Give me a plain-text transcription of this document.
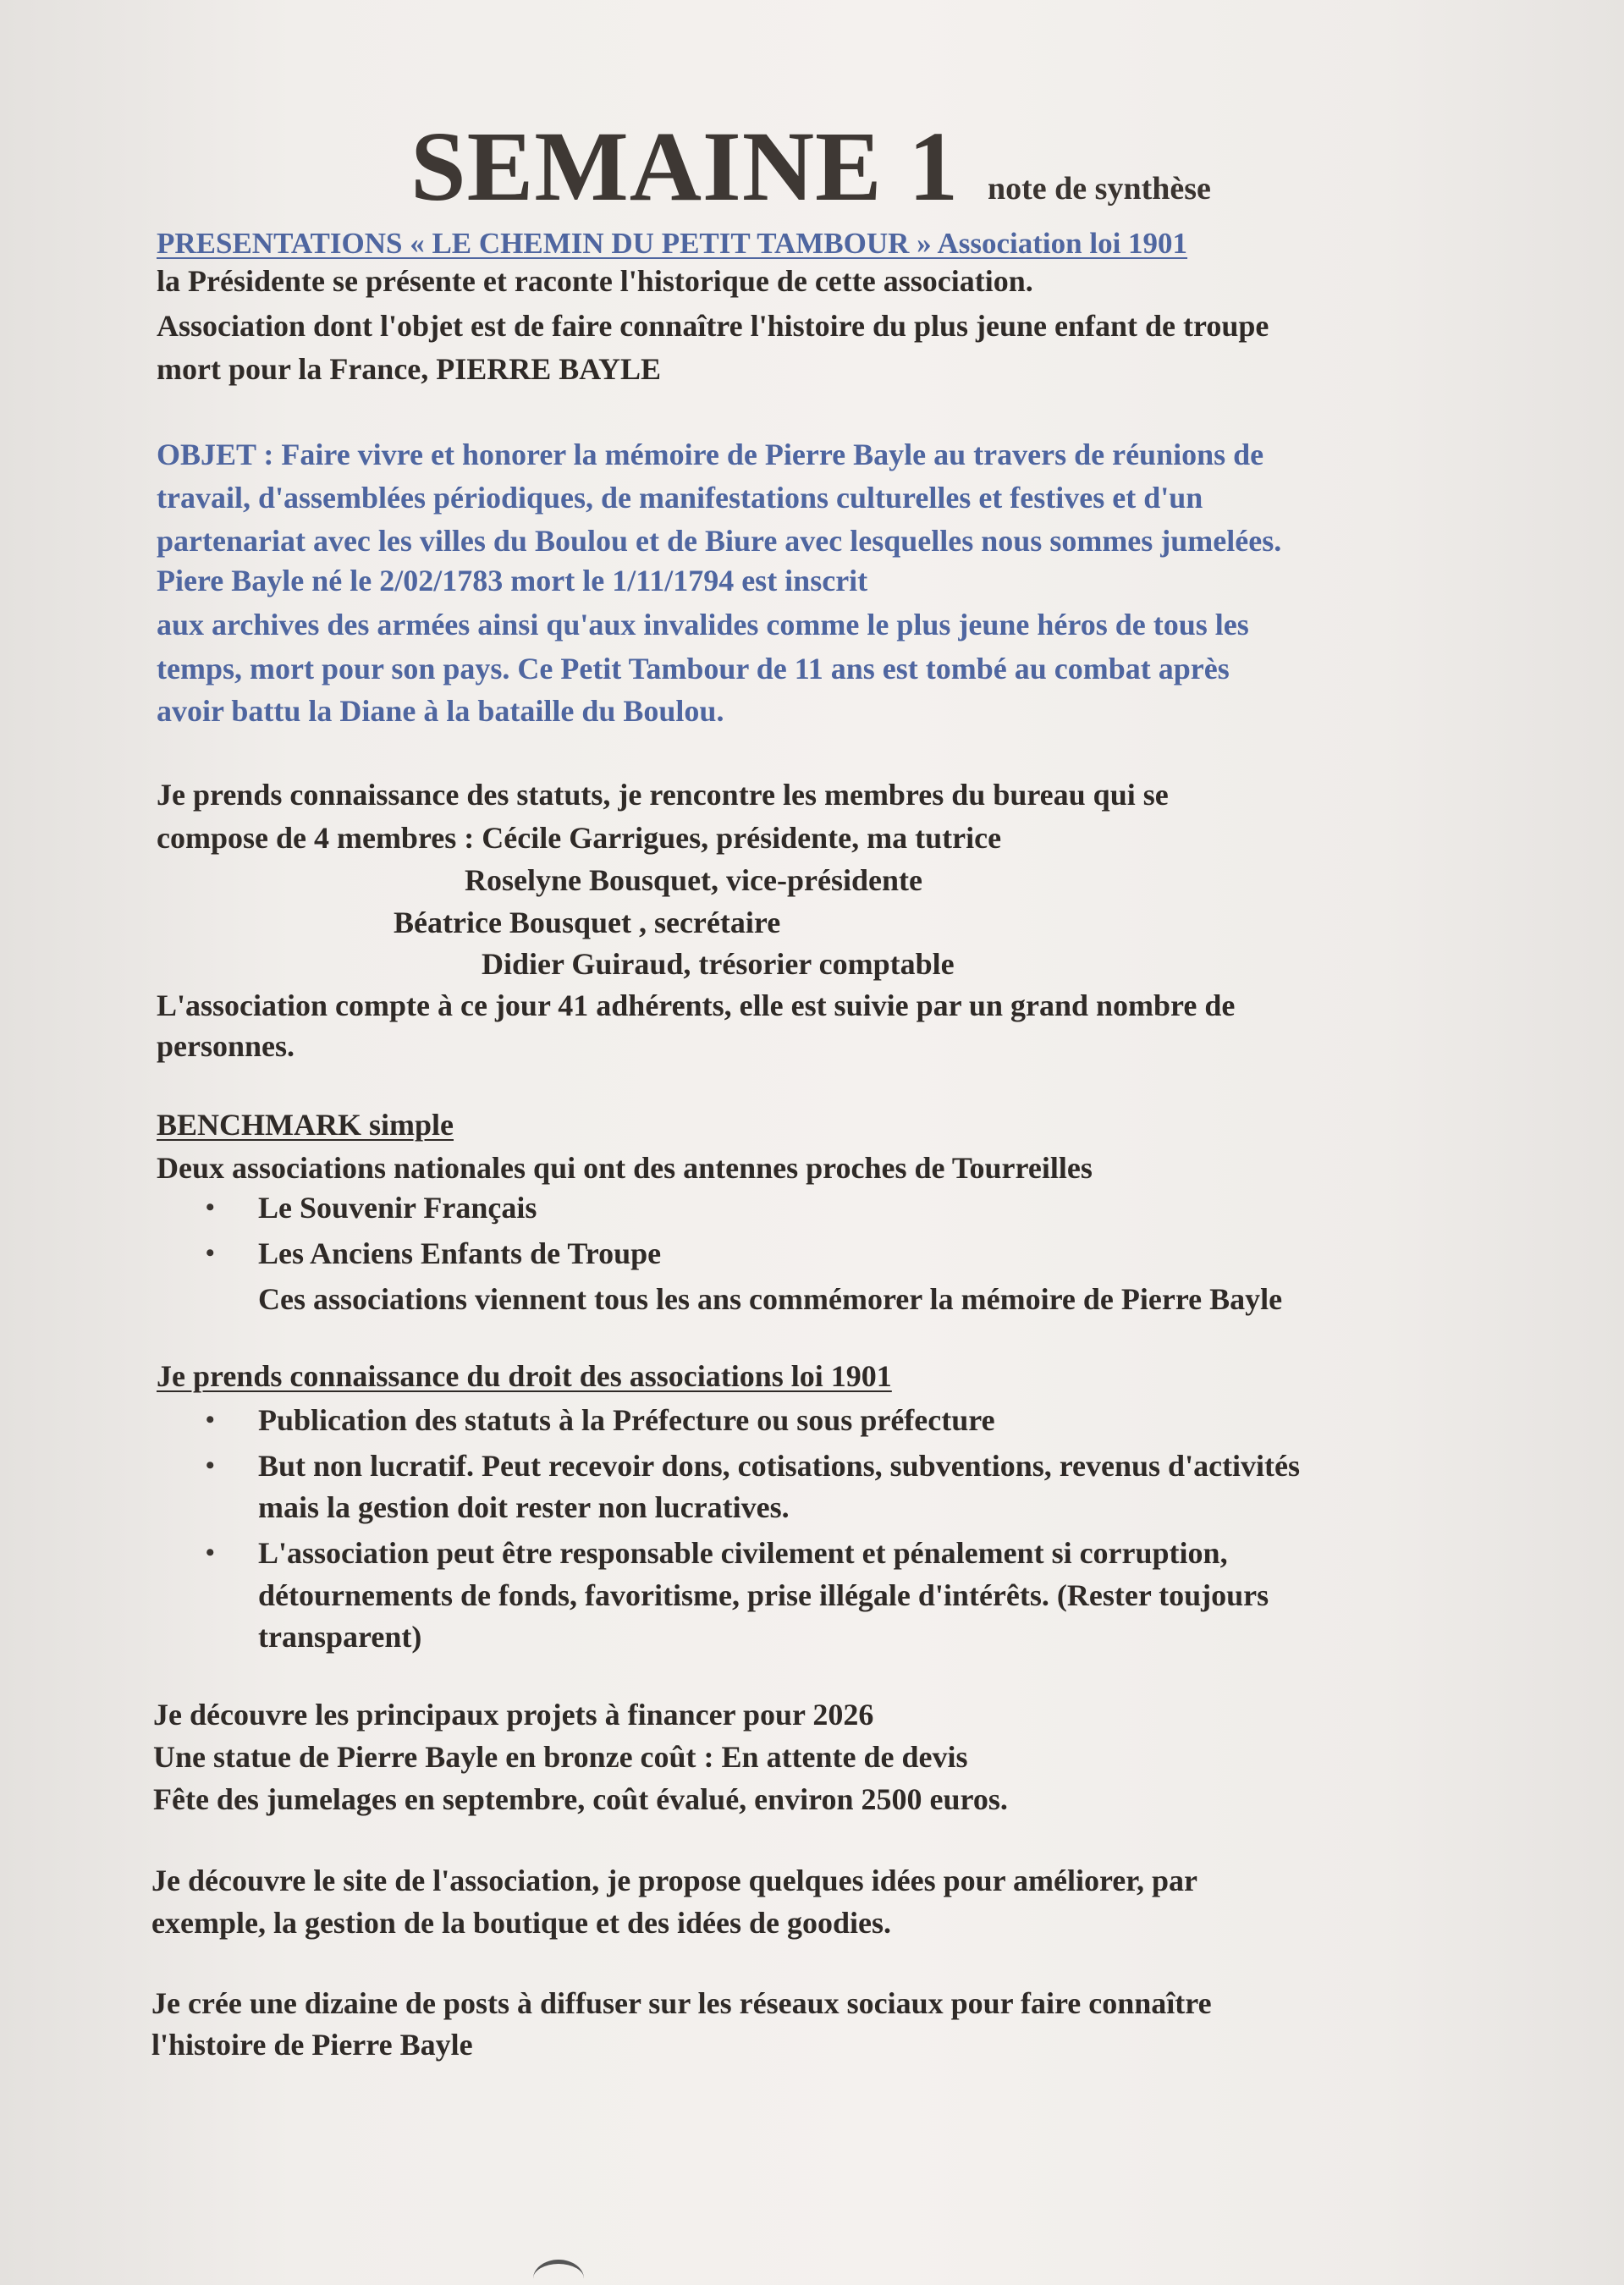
SEMAINE 1 note de synthèse
PRESENTATIONS « LE CHEMIN DU PETIT TAMBOUR » Association loi 1901
la Présidente se présente et raconte l'historique de cette association.
Association dont l'objet est de faire connaître l'histoire du plus jeune enfant de troupe
mort pour la France, PIERRE BAYLE
OBJET : Faire vivre et honorer la mémoire de Pierre Bayle au travers de réunions de
travail, d'assemblées périodiques, de manifestations culturelles et festives et d'un
partenariat avec les villes du Boulou et de Biure avec lesquelles nous sommes jumelées.
Piere Bayle né le 2/02/1783 mort le 1/11/1794 est inscrit
aux archives des armées ainsi qu'aux invalides comme le plus jeune héros de tous les
temps, mort pour son pays. Ce Petit Tambour de 11 ans est tombé au combat après
avoir battu la Diane à la bataille du Boulou.
Je prends connaissance des statuts, je rencontre les membres du bureau qui se
compose de 4 membres : Cécile Garrigues, présidente, ma tutrice
Roselyne Bousquet, vice-présidente
Béatrice Bousquet , secrétaire
Didier Guiraud, trésorier comptable
L'association compte à ce jour 41 adhérents, elle est suivie par un grand nombre de
personnes.
BENCHMARK simple
Deux associations nationales qui ont des antennes proches de Tourreilles
• Le Souvenir Français
• Les Anciens Enfants de Troupe
Ces associations viennent tous les ans commémorer la mémoire de Pierre Bayle
Je prends connaissance du droit des associations loi 1901
• Publication des statuts à la Préfecture ou sous préfecture
• But non lucratif. Peut recevoir dons, cotisations, subventions, revenus d'activités
mais la gestion doit rester non lucratives.
• L'association peut être responsable civilement et pénalement si corruption,
détournements de fonds, favoritisme, prise illégale d'intérêts. (Rester toujours
transparent)
Je découvre les principaux projets à financer pour 2026
Une statue de Pierre Bayle en bronze coût : En attente de devis
Fête des jumelages en septembre, coût évalué, environ 2500 euros.
Je découvre le site de l'association, je propose quelques idées pour améliorer, par
exemple, la gestion de la boutique et des idées de goodies.
Je crée une dizaine de posts à diffuser sur les réseaux sociaux pour faire connaître
l'histoire de Pierre Bayle
